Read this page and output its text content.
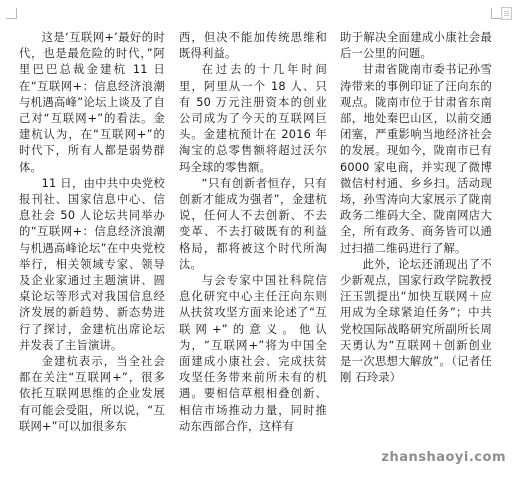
这是‘互联网+’最好的时代，也是最危险的时代，”阿里巴巴总裁金建杭 11 日在“互联网+：信息经济浪潮与机遇高峰”论坛上谈及了自己对“互联网+”的看法。金建杭认为，在“互联网+”的时代下，所有人都是弱势群体。

11 日，由中共中央党校报刊社、国家信息中心、信息社会 50 人论坛共同举办的“互联网+：信息经济浪潮与机遇高峰论坛”在中央党校举行，相关领域专家、领导及企业家通过主题演讲、圆桌论坛等形式对我国信息经济发展的新趋势、新态势进行了探讨，金建杭出席论坛并发表了主旨演讲。

金建杭表示，当全社会都在关注“互联网+”，很多依托互联网思维的企业发展有可能会受阻，所以说，“互联网+”可以加很多东

西，但决不能加传统思维和既得利益。

在过去的十几年时间里，阿里从一个 18 人、只有 50 万元注册资本的创业公司成为了今天的互联网巨头。金建杭预计在 2016 年淘宝的总零售额将超过沃尔玛全球的零售额。

“只有创新者恒存，只有创新才能成为强者”，金建杭说，任何人不去创新、不去变革、不去打破既有的利益格局，都将被这个时代所淘汰。

与会专家中国社科院信息化研究中心主任汪向东则从扶贫攻坚方面来论述了“互联网+”的意义。他认为，“互联网+”将为中国全面建成小康社会、完成扶贫攻坚任务带来前所未有的机遇。要相信草根相叠创新、相信市场推动力量，同时推动东西部合作，这样有

助于解决全面建成小康社会最后一公里的问题。

甘肃省陇南市委书记孙雪涛带来的事例印证了汪向东的观点。陇南市位于甘肃省东南部，地处秦巴山区，以前交通闭塞，严重影响当地经济社会的发展。现如今，陇南市已有 6000 家电商，并实现了微博微信村村通、乡乡扫。活动现场，孙雪涛向大家展示了陇南政务二维码大全、陇南网店大全，所有政务、商务皆可以通过扫描二维码进行了解。

此外，论坛还涌现出了不少新观点，国家行政学院教授汪玉凯提出“加快互联网＋应用成为全球紧迫任务”；中共党校国际战略研究所副所长周天勇认为“互联网＋创新创业是一次思想大解放”。（记者任刚 石玲录）

zhanshaoyi.com
